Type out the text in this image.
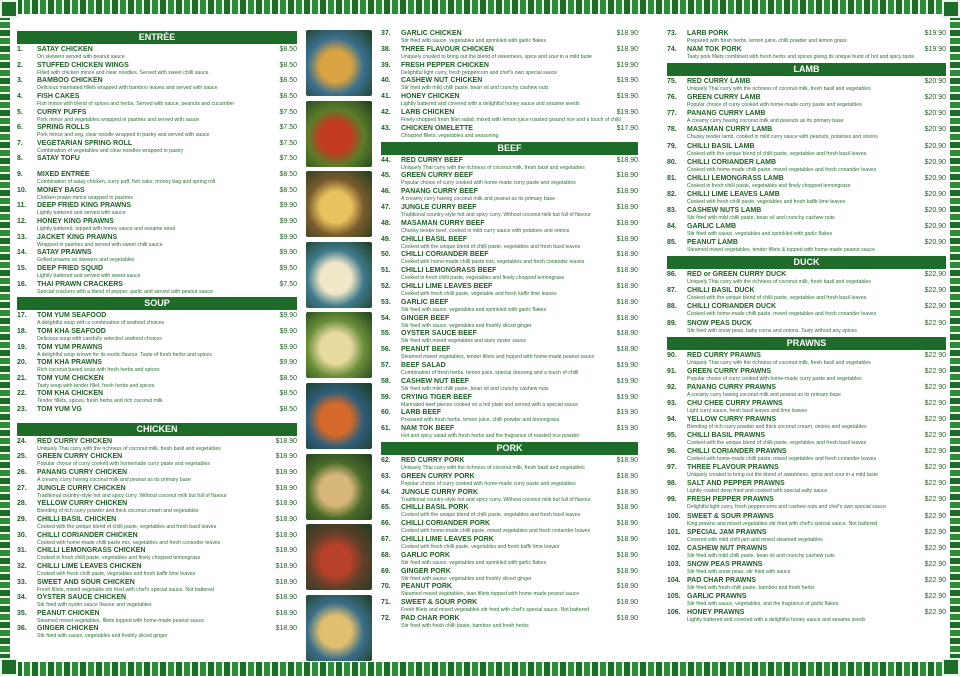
ENTRÉE
1. SATAY CHICKEN	$8.50
On skewers served with peanut sauce
2. STUFFED CHICKEN WINGS	$8.50
Filled with chicken mince and clear noodles. Served with sweet chilli sauce
3. BAMBOO CHICKEN	$8.50
Delicious marinated fillets wrapped with bamboo leaves and served with sauce
4. FISH CAKES	$8.50
Fish mince with blend of spices and herbs. Served with sauce, peanuts and cucumber
5. CURRY PUFFS	$7.50
Pork mince and vegetables wrapped in pastries and served with sauce
6. SPRING ROLLS	$7.50
Pork mince and veg, clear noodle wrapped in pastry and served with sauce
7. VEGETARIAN SPRING ROLL	$7.50
Combination of vegetables and clear noodles wrapped in pastry
8. SATAY TOFU	$7.50
9. MIXED ENTRÉE	$8.50
Combination of satay chicken, curry puff, fish cake, money bag and spring roll
10. MONEY BAGS	$8.50
Chicken prawn mince wrapped in pastries
11. DEEP FRIED KING PRAWNS	$9.90
Lightly battered and served with sauce
12. HONEY KING PRAWNS	$9.90
Lightly battered, topped with honey sauce and sesame seed
13. JACKET KING PRAWNS	$9.90
Wrapped in pastries and served with sweet chilli sauce
14. SATAY PRAWNS	$9.90
Grilled prawns on skewers and vegetables
15. DEEP FRIED SQUID	$9.50
Lightly battered and served with sweet sauce
16. THAI PRAWN CRACKERS	$7.50
Special crackers with a blend of pepper, garlic and served with peanut sauce
SOUP
17. TOM YUM SEAFOOD	$9.90
A delightful soup with a combination of seafood choices
18. TOM KHA SEAFOOD	$9.90
Delicious soup with carefully selected seafood choices
19. TOM YUM PRAWNS	$9.90
A delightful soup known for its exotic flavour. Taste of fresh herbs and spices
20. TOM KHA PRAWNS	$9.90
Rich coconut based soup with fresh herbs and spices
21. TOM YUM CHICKEN	$8.50
Tasty soup with tender fillet, fresh herbs and spices
22. TOM KHA CHICKEN	$8.50
Tender fillets, spices, fresh herbs and rich coconut milk
23. TOM YUM VG	$8.50
CHICKEN
24. RED CURRY CHICKEN	$18.90
Uniquely Thai curry with the richness of coconut milk, fresh basil and vegetables
25. GREEN CURRY CHICKEN	$18.90
Popular choice of curry cooked with homemade curry paste and vegetables
26. PANANG CURRY CHICKEN	$18.90
A creamy curry having coconut milk and peanut as its primary base
27. JUNGLE CURRY CHICKEN	$18.90
Traditional country-style hot and spicy curry. Without coconut milk but full of flavour
28. YELLOW CURRY CHICKEN	$18.90
Blending of rich curry powder and thick coconut cream and vegetables
29. CHILLI BASIL CHICKEN	$18.90
Cooked with the unique blend of chilli paste, vegetables and fresh basil leaves
30. CHILLI CORIANDER CHICKEN	$18.90
Cooked with home-made chilli paste mix, vegetables and fresh coriander leaves
31. CHILLI LEMONGRASS CHICKEN	$18.90
Cooked in fresh chilli paste, vegetables and finely chopped lemongrass
32. CHILLI LIME LEAVES CHICKEN	$18.90
Cooked with fresh chilli paste, vegetables and fresh kaffir lime leaves
33. SWEET AND SOUR CHICKEN	$18.90
Fresh fillets, mixed vegetable stir fried with chef's special sauce. Not battered
34. OYSTER SAUCE CHICKEN	$18.90
Stir fried with oyster sauce flavour and vegetables
35. PEANUT CHICKEN	$18.90
Steamed mixed vegetables, fillets topped with home-made peanut sauce
36. GINGER CHICKEN	$18.90
Stir fried with sauce, vegetables and freshly sliced ginger
37. GARLIC CHICKEN	$18.90
Stir fried with sauce, vegetables and sprinkled with garlic flakes
38. THREE FLAVOUR CHICKEN	$18.90
Uniquely created to bring out the blend of sweetness, spice and sour in a mild taste
39. FRESH PEPPER CHICKEN	$19.90
Delightful light curry, fresh peppercorn and chef's own special sauce
40. CASHEW NUT CHICKEN	$19.90
Stir fried with mild chilli paste, bean oil and crunchy cashew nuts
41. HONEY CHICKEN	$19.90
Lightly battered and covered with a delightful honey sauce and sesame seeds
42. LARB CHICKEN	$19.90
Finely chopped fresh fillet salad, mixed with lemon juice roasted ground rice and a touch of chilli
43. CHICKEN OMELETTE	$17.90
Chopped fillets, vegetables and seasoning
BEEF
44. RED CURRY BEEF	$18.90
Uniquely Thai curry with the richness of coconut milk, fresh basil and vegetables
45. GREEN CURRY BEEF	$18.90
Popular choice of curry cooked with home-made curry paste and vegetables
46. PANANG CURRY BEEF	$18.90
A creamy curry having coconut milk and peanut as its primary base
47. JUNGLE CURRY BEEF	$18.90
Traditional country-style hot and spicy curry. Without coconut milk but full of flavour
48. MASAMAN CURRY BEEF	$18.90
Chunky tender beef, cooked in mild curry sauce with potatoes and onions
49. CHILLI BASIL BEEF	$18.90
Cooked with the unique blend of chilli paste, vegetables and fresh basil leaves
50. CHILLI CORIANDER BEEF	$18.90
Cooked with home-made chilli paste mix, vegetables and fresh coriander leaves
51. CHILLI LEMONGRASS BEEF	$18.90
Cooked in fresh chilli paste, vegetables and finely chopped lemongrass
52. CHILLI LIME LEAVES BEEF	$18.90
Cooked with fresh chilli paste, vegetable and fresh kaffir lime leaves
53. GARLIC BEEF	$18.90
Stir fried with sauce, vegetables and sprinkled with garlic flakes
54. GINGER BEEF	$18.90
Stir fried with sauce, vegetables and freshly sliced ginger
55. OYSTER SAUCE BEEF	$18.90
Stir fried with mixed vegetables and tasty oyster sauce
56. PEANUT BEEF	$18.90
Steamed mixed vegetables, tender fillets and topped with home-made peanut sauce
57. BEEF SALAD	$19.90
Combination of fresh herbs, lemon juice, special dressing and a touch of chilli
58. CASHEW NUT BEEF	$19.90
Stir fried with mild chilli paste, bean oil and crunchy cashew nuts
59. CRYING TIGER BEEF	$19.90
Marinated beef pieces cooked on a hot plate and served with a special sauce
60. LARB BEEF	$19.90
Prepared with fresh herbs, lemon juice, chilli powder and lemongrass
61. NAM TOK BEEF	$19.90
Hot and spicy salad with fresh herbs and the fragrance of roasted rice powder
PORK
62. RED CURRY PORK	$18.90
Uniquely Thai curry with the richness of coconut milk, fresh basil and vegetables
63. GREEN CURRY PORK	$18.90
Popular choice of curry cooked with home-made curry paste and vegetables
64. JUNGLE CURRY PORK	$18.90
Traditional country-style hot and spicy curry. Without coconut milk but full of flavour
65. CHILLI BASIL PORK	$18.90
Cooked with the unique blend of chilli paste, vegetables and fresh basil leaves
66. CHILLI CORIANDER PORK	$18.90
Cooked with home-made chilli paste, mixed vegetables and fresh coriander leaves
67. CHILLI LIME LEAVES PORK	$18.90
Cooked with fresh chilli paste, vegetables and fresh kaffir lime leaves
68. GARLIC PORK	$18.90
Stir fried with sauce, vegetables and sprinkled with garlic flakes
69. GINGER PORK	$18.90
Stir fried with sauce, vegetables and freshly sliced ginger
70. PEANUT PORK	$18.90
Steamed mixed vegetables, lean fillets topped with home-made peanut sauce
71. SWEET & SOUR PORK	$18.90
Fresh fillets and mixed vegetables stir fried with chef's special sauce. Not battered
72. PAD CHAR PORK	$18.90
Stir fried with fresh chilli paste, bamboo and fresh herbs
73. LARB PORK	$19.90
Prepared with fresh herbs, lemon juice, chilli powder and lemon grass
74. NAM TOK PORK	$19.90
Tasty pork fillets combined with fresh herbs and spices giving its unique burst of hot and spicy taste
LAMB
75. RED CURRY LAMB	$20.90
Uniquely Thai curry with the richness of coconut milk, fresh basil and vegetables
76. GREEN CURRY LAMB	$20.90
Popular choice of curry cooked with home-made curry paste and vegetables
77. PANANG CURRY LAMB	$20.90
A creamy curry having coconut milk and peanuts as its primary base
78. MASAMAN CURRY LAMB	$20.90
Chunky tender lamb, cooked in mild curry sauce with peanuts, potatoes and onions
79. CHILLI BASIL LAMB	$20.90
Cooked with the unique blend of chilli paste, vegetables and fresh basil leaves
80. CHILLI CORIANDER LAMB	$20.90
Cooked with home-made chilli paste, mixed vegetables and fresh coriander leaves
81. CHILLI LEMONGRASS LAMB	$20.90
Cooked in fresh chilli paste, vegetables and finely chopped lemongrass
82. CHILLI LIME LEAVES LAMB	$20.90
Cooked with fresh chilli paste, vegetables and fresh kaffir lime leaves
83. CASHEW NUTS LAMB	$20.90
Stir fried with mild chilli paste, bean oil and crunchy cashew nuts
84. GARLIC LAMB	$20.90
Stir fried with sauce, vegetables and sprinkled with garlic flakes
85. PEANUT LAMB	$20.90
Steamed mixed vegetables, tender fillets & topped with home-made peanut sauce
DUCK
86. RED or GREEN CURRY DUCK	$22.90
Uniquely Thai curry with the richness of coconut milk, fresh basil and vegetables
87. CHILLI BASIL DUCK	$22.90
Cooked with the unique blend of chilli paste, vegetables and fresh basil leaves
88. CHILLI CORIANDER DUCK	$22.90
Cooked with home-made chilli paste, mixed vegetables and fresh coriander leaves
89. SNOW PEAS DUCK	$22.90
Stir fried with snow peas, baby corns and onions. Tasty without any spices
PRAWNS
90. RED CURRY PRAWNS	$22.90
Uniquely Thai curry with the richness of coconut milk, fresh basil and vegetables
91. GREEN CURRY PRAWNS	$22.90
Popular choice of curry cooked with home-made curry paste and vegetables
92. PANANG CURRY PRAWNS	$22.90
A creamy curry having coconut milk and peanut as its primary base
93. CHU CHEE CURRY PRAWNS	$22.90
Light curry sauce, fresh basil leaves and lime leaves
94. YELLOW CURRY PRAWNS	$22.90
Blending of rich curry powder and thick coconut cream, onions and vegetables
95. CHILLI BASIL PRAWNS	$22.90
Cooked with the unique blend of chilli paste, vegetables and fresh basil leaves
96. CHILLI CORIANDER PRAWNS	$22.90
Cooked with home-made chilli paste, mixed vegetables and fresh coriander leaves
97. THREE FLAVOUR PRAWNS	$22.90
Uniquely created to bring out the blend of sweetness, spice and sour in a mild taste
98. SALT AND PEPPER PRAWNS	$22.90
Lightly coated deep fried and cooked with special salty sauce
99. FRESH PEPPER PRAWNS	$22.90
Delightful light curry, fresh peppercorns and cashew nuts and chef's own special sauce
100. SWEET & SOUR PRAWNS	$22.90
King prawns and mixed vegetables stir fried with chef's special sauce. Not battered
101. SPECIAL JAM PRAWNS	$22.90
Covered with mild chilli jam and mixed steamed vegetables
102. CASHEW NUT PRAWNS	$22.90
Stir fried with mild chilli paste, bean oil and crunchy cashew nuts
103. SNOW PEAS PRAWNS	$22.90
Stir fried with snow peas, stir fried with sauce
104. PAD CHAR PRAWNS	$22.90
Stir fried with fresh chilli paste, bamboo and fresh herbs
105. GARLIC PRAWNS	$22.90
Stir fried with sauce, vegetables, and the fragrance of garlic flakes
106. HONEY PRAWNS	$22.90
Lightly battered and covered with a delightful honey sauce and sesame seeds
